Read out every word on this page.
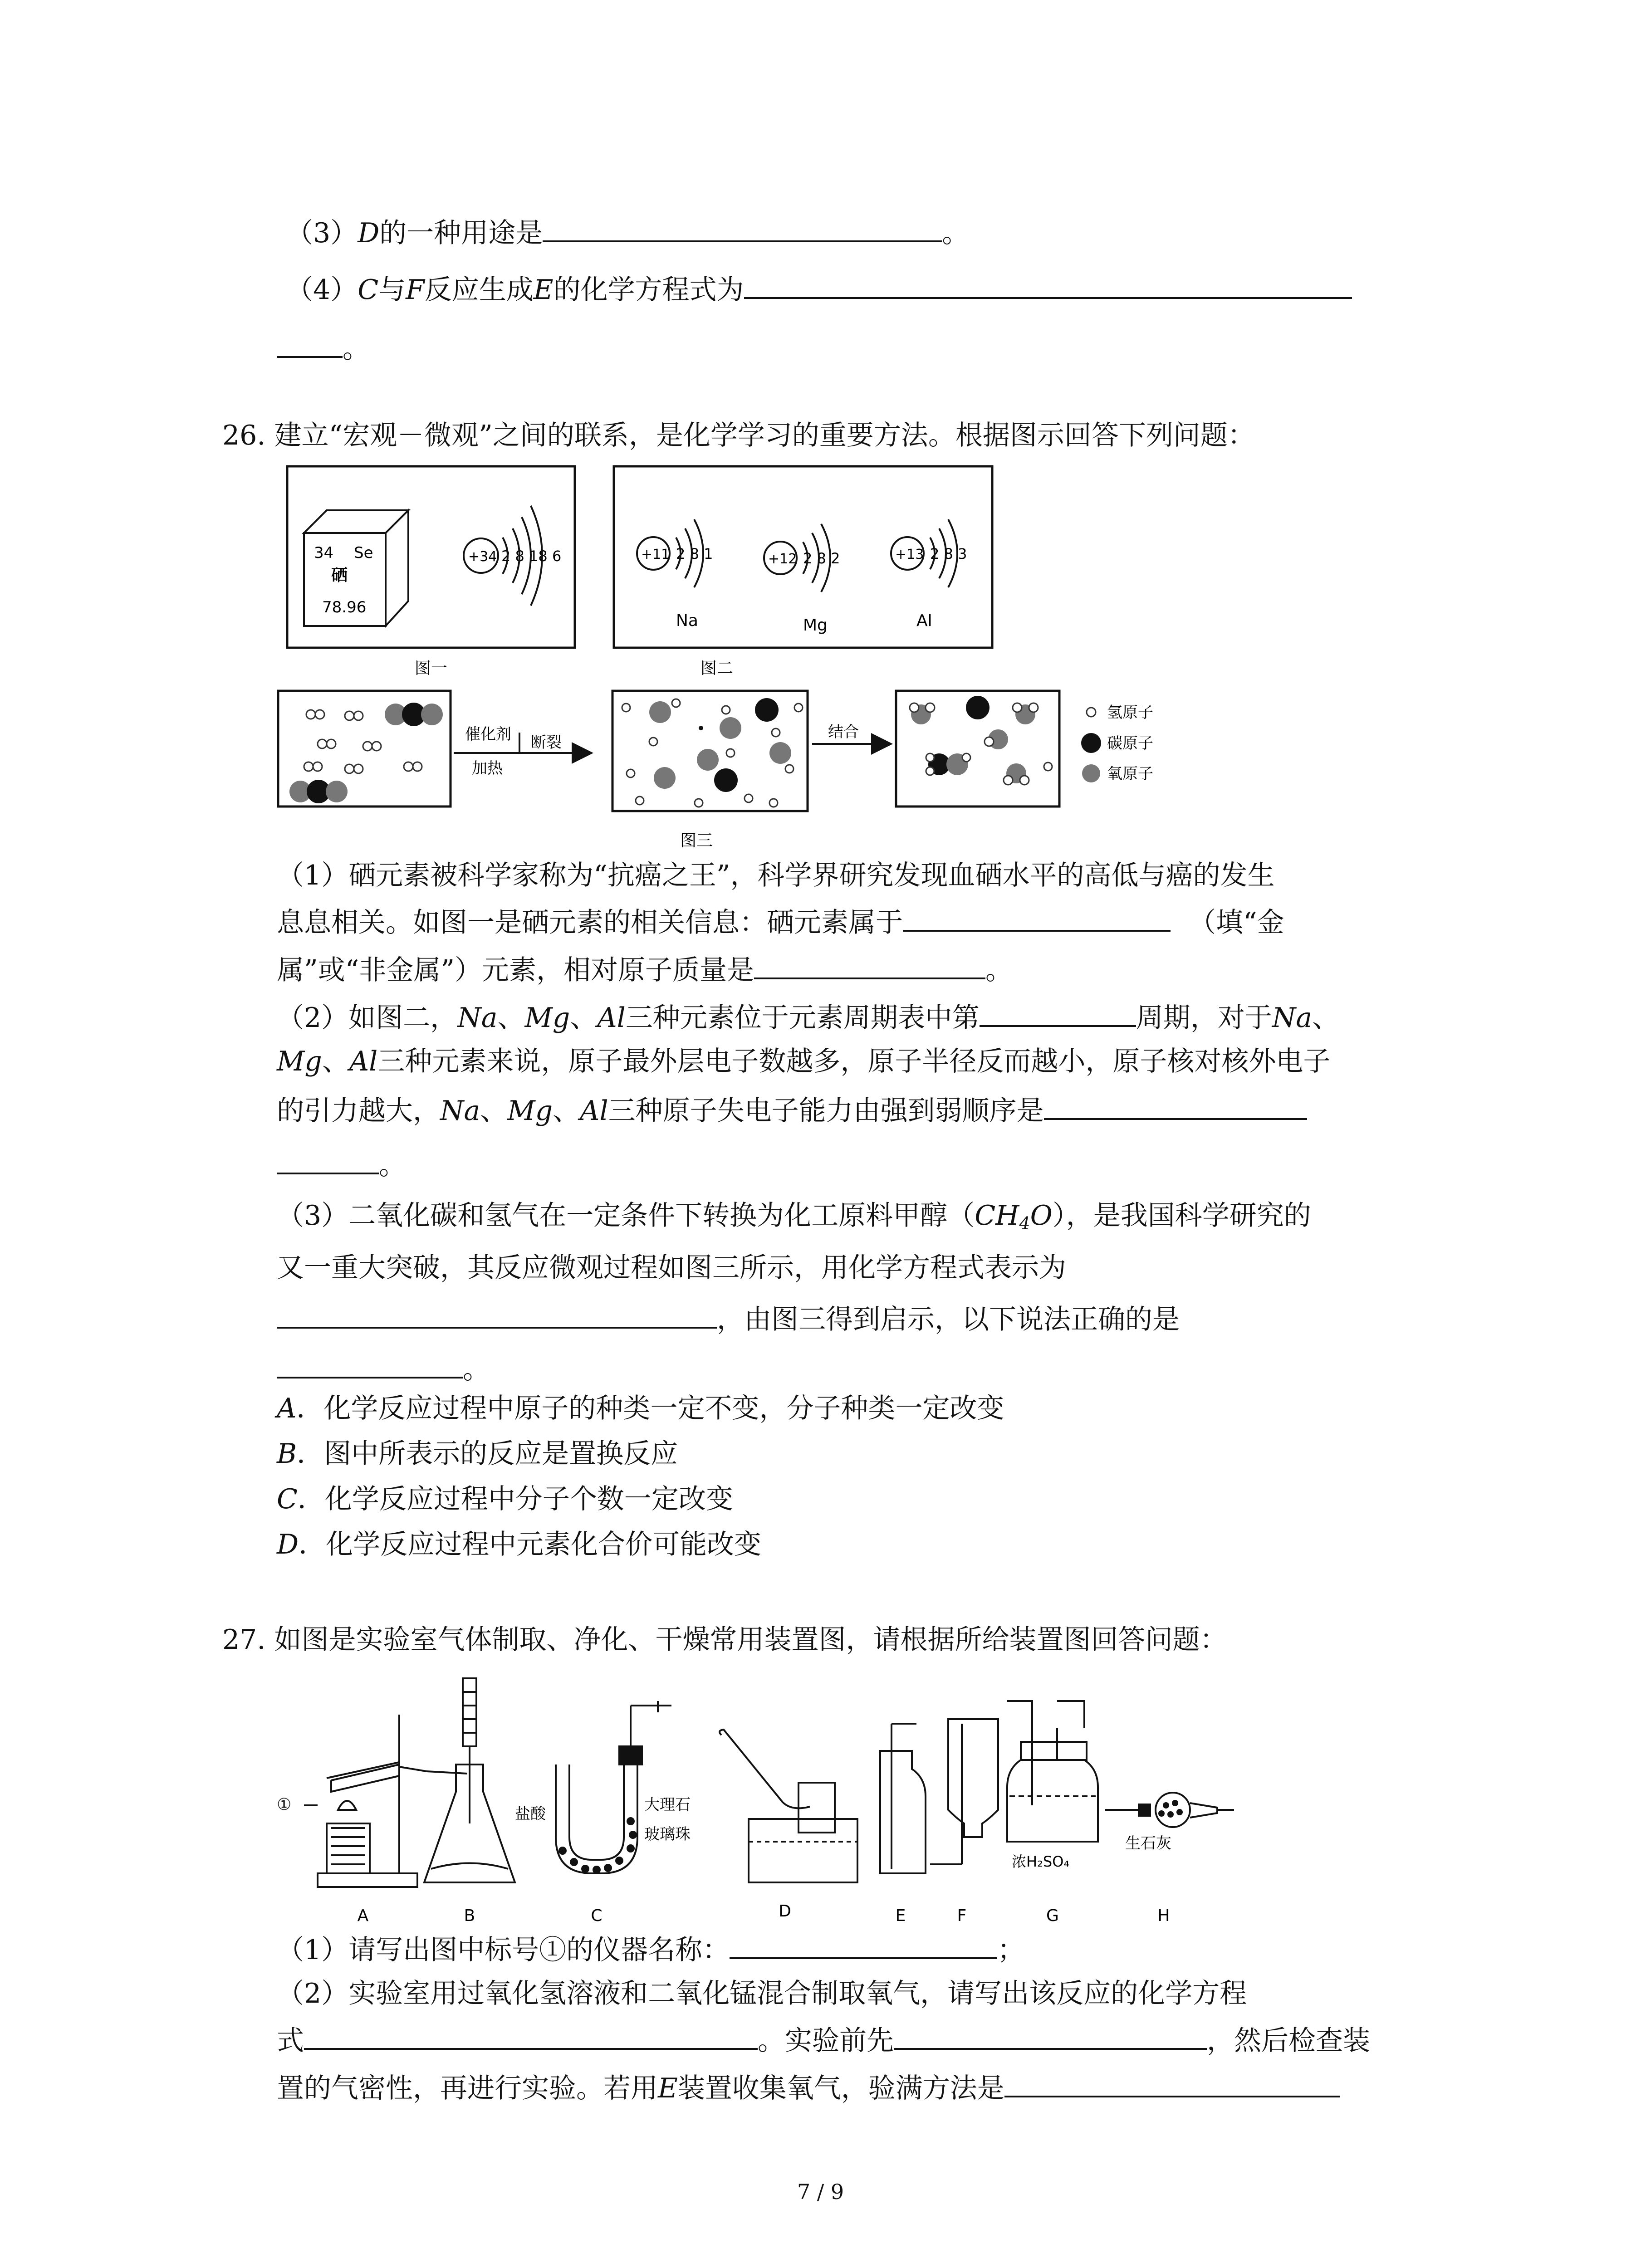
（3）D的一种用途是	。
（4）C与F反应生成E的化学方程式为
。
26. 建立“宏观－微观”之间的联系，是化学学习的重要方法。根据图示回答下列问题：
34 Se
硒
78.96
+34 2 8 18 6
图一
+11 2 8 1
Na
+12 2 8 2
Mg
+13 2 8 3
Al
图二
催化剂
加热
断裂
结合
氢原子
碳原子
氧原子
图三
（1）硒元素被科学家称为“抗癌之王”，科学界研究发现血硒水平的高低与癌的发生
息息相关。如图一是硒元素的相关信息：硒元素属于	（填“金
属”或“非金属”）元素，相对原子质量是	。
（2）如图二，Na、Mg、Al三种元素位于元素周期表中第	周期，对于Na、
Mg、Al三种元素来说，原子最外层电子数越多，原子半径反而越小，原子核对核外电子
的引力越大，Na、Mg、Al三种原子失电子能力由强到弱顺序是
。
（3）二氧化碳和氢气在一定条件下转换为化工原料甲醇$(CH_4O)$，是我国科学研究的
又一重大突破，其反应微观过程如图三所示，用化学方程式表示为
，由图三得到启示，以下说法正确的是
。
A．化学反应过程中原子的种类一定不变，分子种类一定改变
B．图中所表示的反应是置换反应
C．化学反应过程中分子个数一定改变
D．化学反应过程中元素化合价可能改变
27. 如图是实验室气体制取、净化、干燥常用装置图，请根据所给装置图回答问题：
①
A	B
盐酸	大理石
玻璃珠
C	D	E	F
浓H₂SO₄
G
生石灰
H
（1）请写出图中标号①的仪器名称：	；
（2）实验室用过氧化氢溶液和二氧化锰混合制取氧气，请写出该反应的化学方程
式	。实验前先	，然后检查装
置的气密性，再进行实验。若用E装置收集氧气，验满方法是
7 / 9
